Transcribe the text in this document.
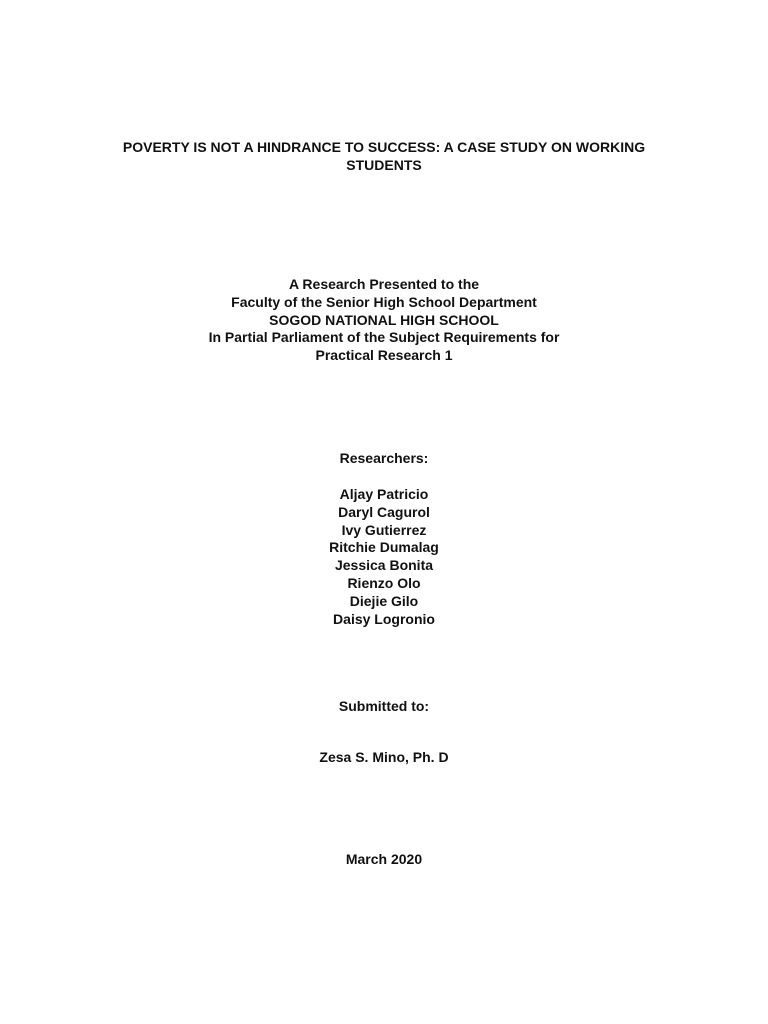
POVERTY IS NOT A HINDRANCE TO SUCCESS: A CASE STUDY ON WORKING
STUDENTS
A Research Presented to the
Faculty of the Senior High School Department
SOGOD NATIONAL HIGH SCHOOL
In Partial Parliament of the Subject Requirements for
Practical Research 1
Researchers:
Aljay Patricio
Daryl Cagurol
Ivy Gutierrez
Ritchie Dumalag
Jessica Bonita
Rienzo Olo
Diejie Gilo
Daisy Logronio
Submitted to:
Zesa S. Mino, Ph. D
March 2020
